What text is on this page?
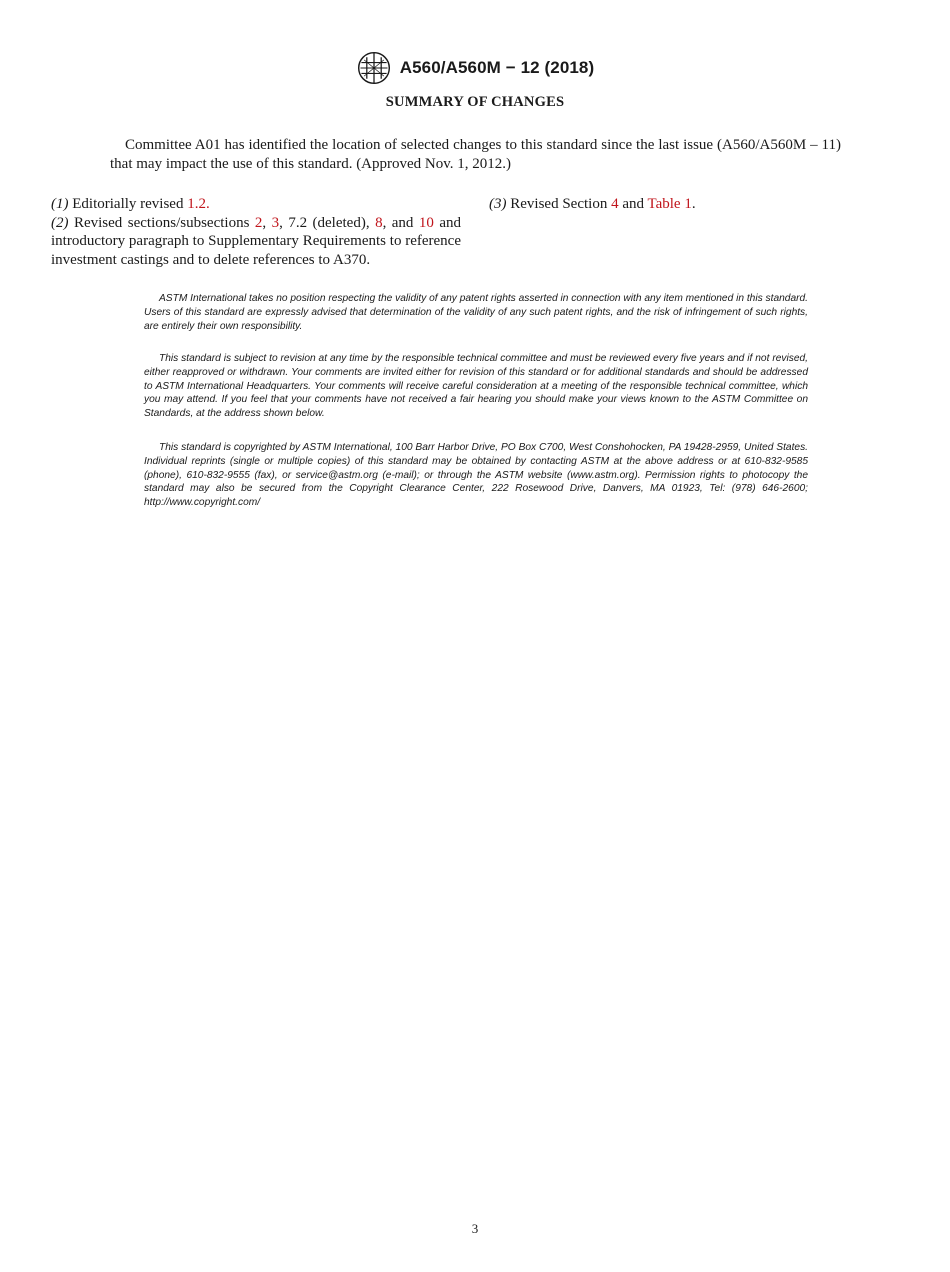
A560/A560M − 12 (2018)
SUMMARY OF CHANGES

Committee A01 has identified the location of selected changes to this standard since the last issue (A560/A560M – 11) that may impact the use of this standard. (Approved Nov. 1, 2012.)

(1) Editorially revised 1.2.

(2) Revised sections/subsections 2, 3, 7.2 (deleted), 8, and 10 and introductory paragraph to Supplementary Requirements to reference investment castings and to delete references to A370.

(3) Revised Section 4 and Table 1.

ASTM International takes no position respecting the validity of any patent rights asserted in connection with any item mentioned in this standard. Users of this standard are expressly advised that determination of the validity of any such patent rights, and the risk of infringement of such rights, are entirely their own responsibility.

This standard is subject to revision at any time by the responsible technical committee and must be reviewed every five years and if not revised, either reapproved or withdrawn. Your comments are invited either for revision of this standard or for additional standards and should be addressed to ASTM International Headquarters. Your comments will receive careful consideration at a meeting of the responsible technical committee, which you may attend. If you feel that your comments have not received a fair hearing you should make your views known to the ASTM Committee on Standards, at the address shown below.

This standard is copyrighted by ASTM International, 100 Barr Harbor Drive, PO Box C700, West Conshohocken, PA 19428-2959, United States. Individual reprints (single or multiple copies) of this standard may be obtained by contacting ASTM at the above address or at 610-832-9585 (phone), 610-832-9555 (fax), or service@astm.org (e-mail); or through the ASTM website (www.astm.org). Permission rights to photocopy the standard may also be secured from the Copyright Clearance Center, 222 Rosewood Drive, Danvers, MA 01923, Tel: (978) 646-2600; http://www.copyright.com/

3
